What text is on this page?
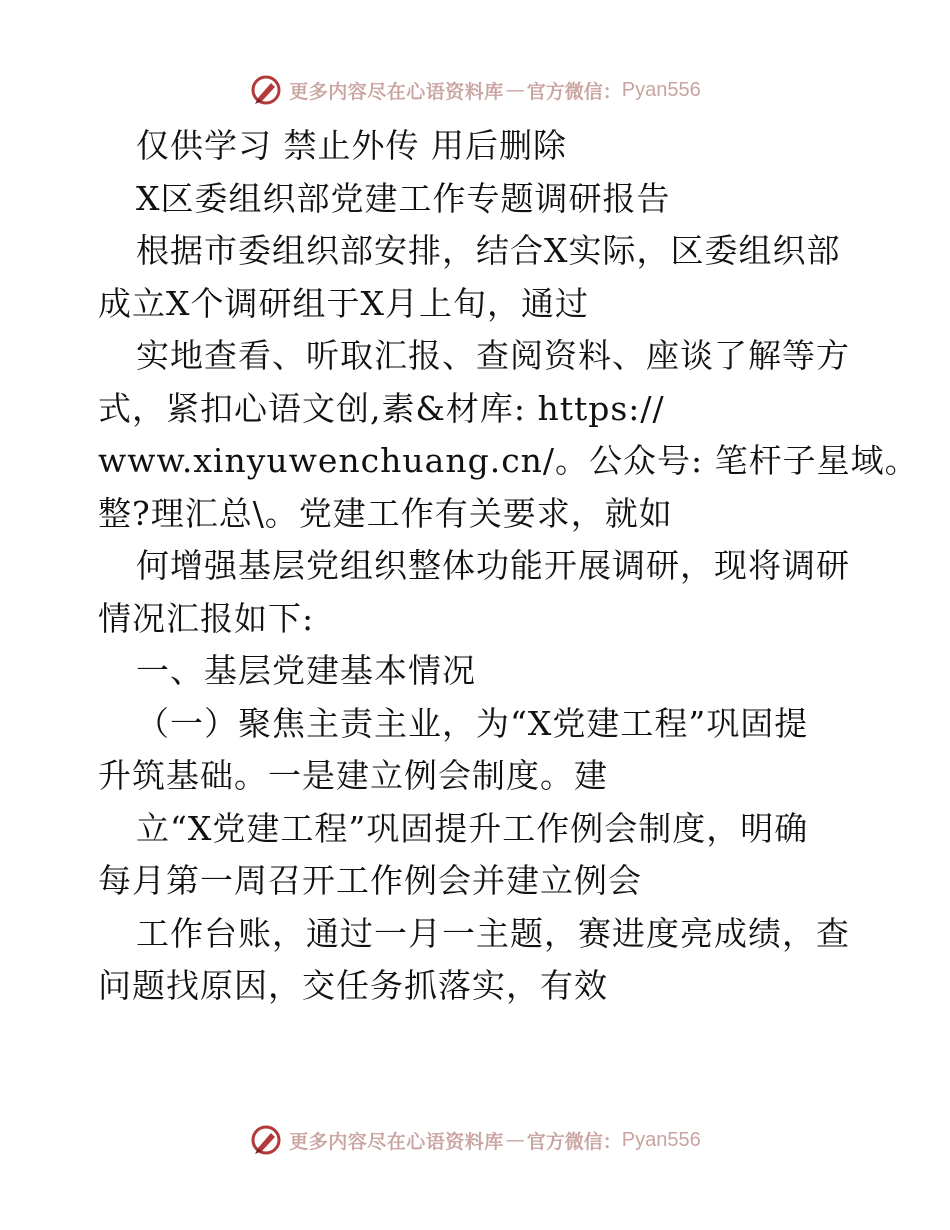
更多内容尽在心语资料库 — 官方微信： Pyan556
仅供学习 禁止外传 用后删除
X区委组织部党建工作专题调研报告
根据市委组织部安排，结合X实际，区委组织部
成立X个调研组于X月上旬，通过
实地查看、听取汇报、查阅资料、座谈了解等方
式，紧扣心语文创,素&材库: https://
www.xinyuwenchuang.cn/。公众号: 笔杆子星域。
整?理汇总\。党建工作有关要求，就如
何增强基层党组织整体功能开展调研，现将调研
情况汇报如下:
一、基层党建基本情况
（一）聚焦主责主业，为“X党建工程”巩固提
升筑基础。一是建立例会制度。建
立“X党建工程”巩固提升工作例会制度，明确
每月第一周召开工作例会并建立例会
工作台账，通过一月一主题，赛进度亮成绩，查
问题找原因，交任务抓落实，有效
更多内容尽在心语资料库 — 官方微信： Pyan556
